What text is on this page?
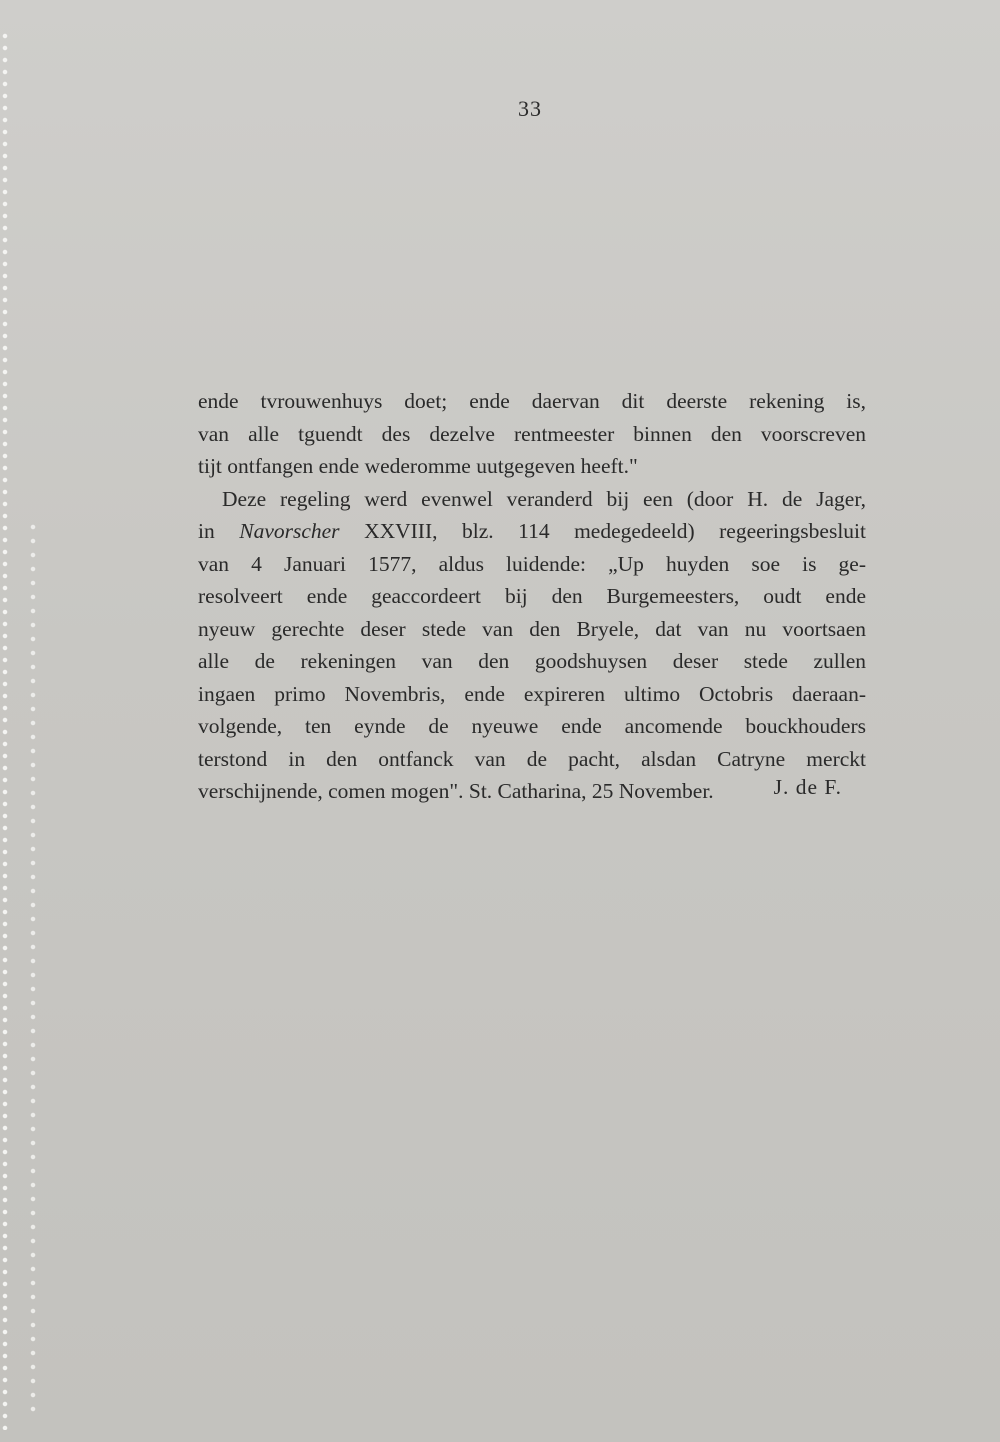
33
ende tvrouwenhuys doet; ende daervan dit deerste rekening is,
van alle tguendt des dezelve rentmeester binnen den voorscreven
tijt ontfangen ende wederomme uutgegeven heeft."
Deze regeling werd evenwel veranderd bij een (door H. de Jager,
in Navorscher XXVIII, blz. 114 medegedeeld) regeeringsbesluit
van 4 Januari 1577, aldus luidende: „Up huyden soe is ge-
resolveert ende geaccordeert bij den Burgemeesters, oudt ende
nyeuw gerechte deser stede van den Bryele, dat van nu voortsaen
alle de rekeningen van den goodshuysen deser stede zullen
ingaen primo Novembris, ende expireren ultimo Octobris daeraan-
volgende, ten eynde de nyeuwe ende ancomende bouckhouders
terstond in den ontfanck van de pacht, alsdan Catryne merckt
verschijnende, comen mogen". St. Catharina, 25 November.	J. de F.
